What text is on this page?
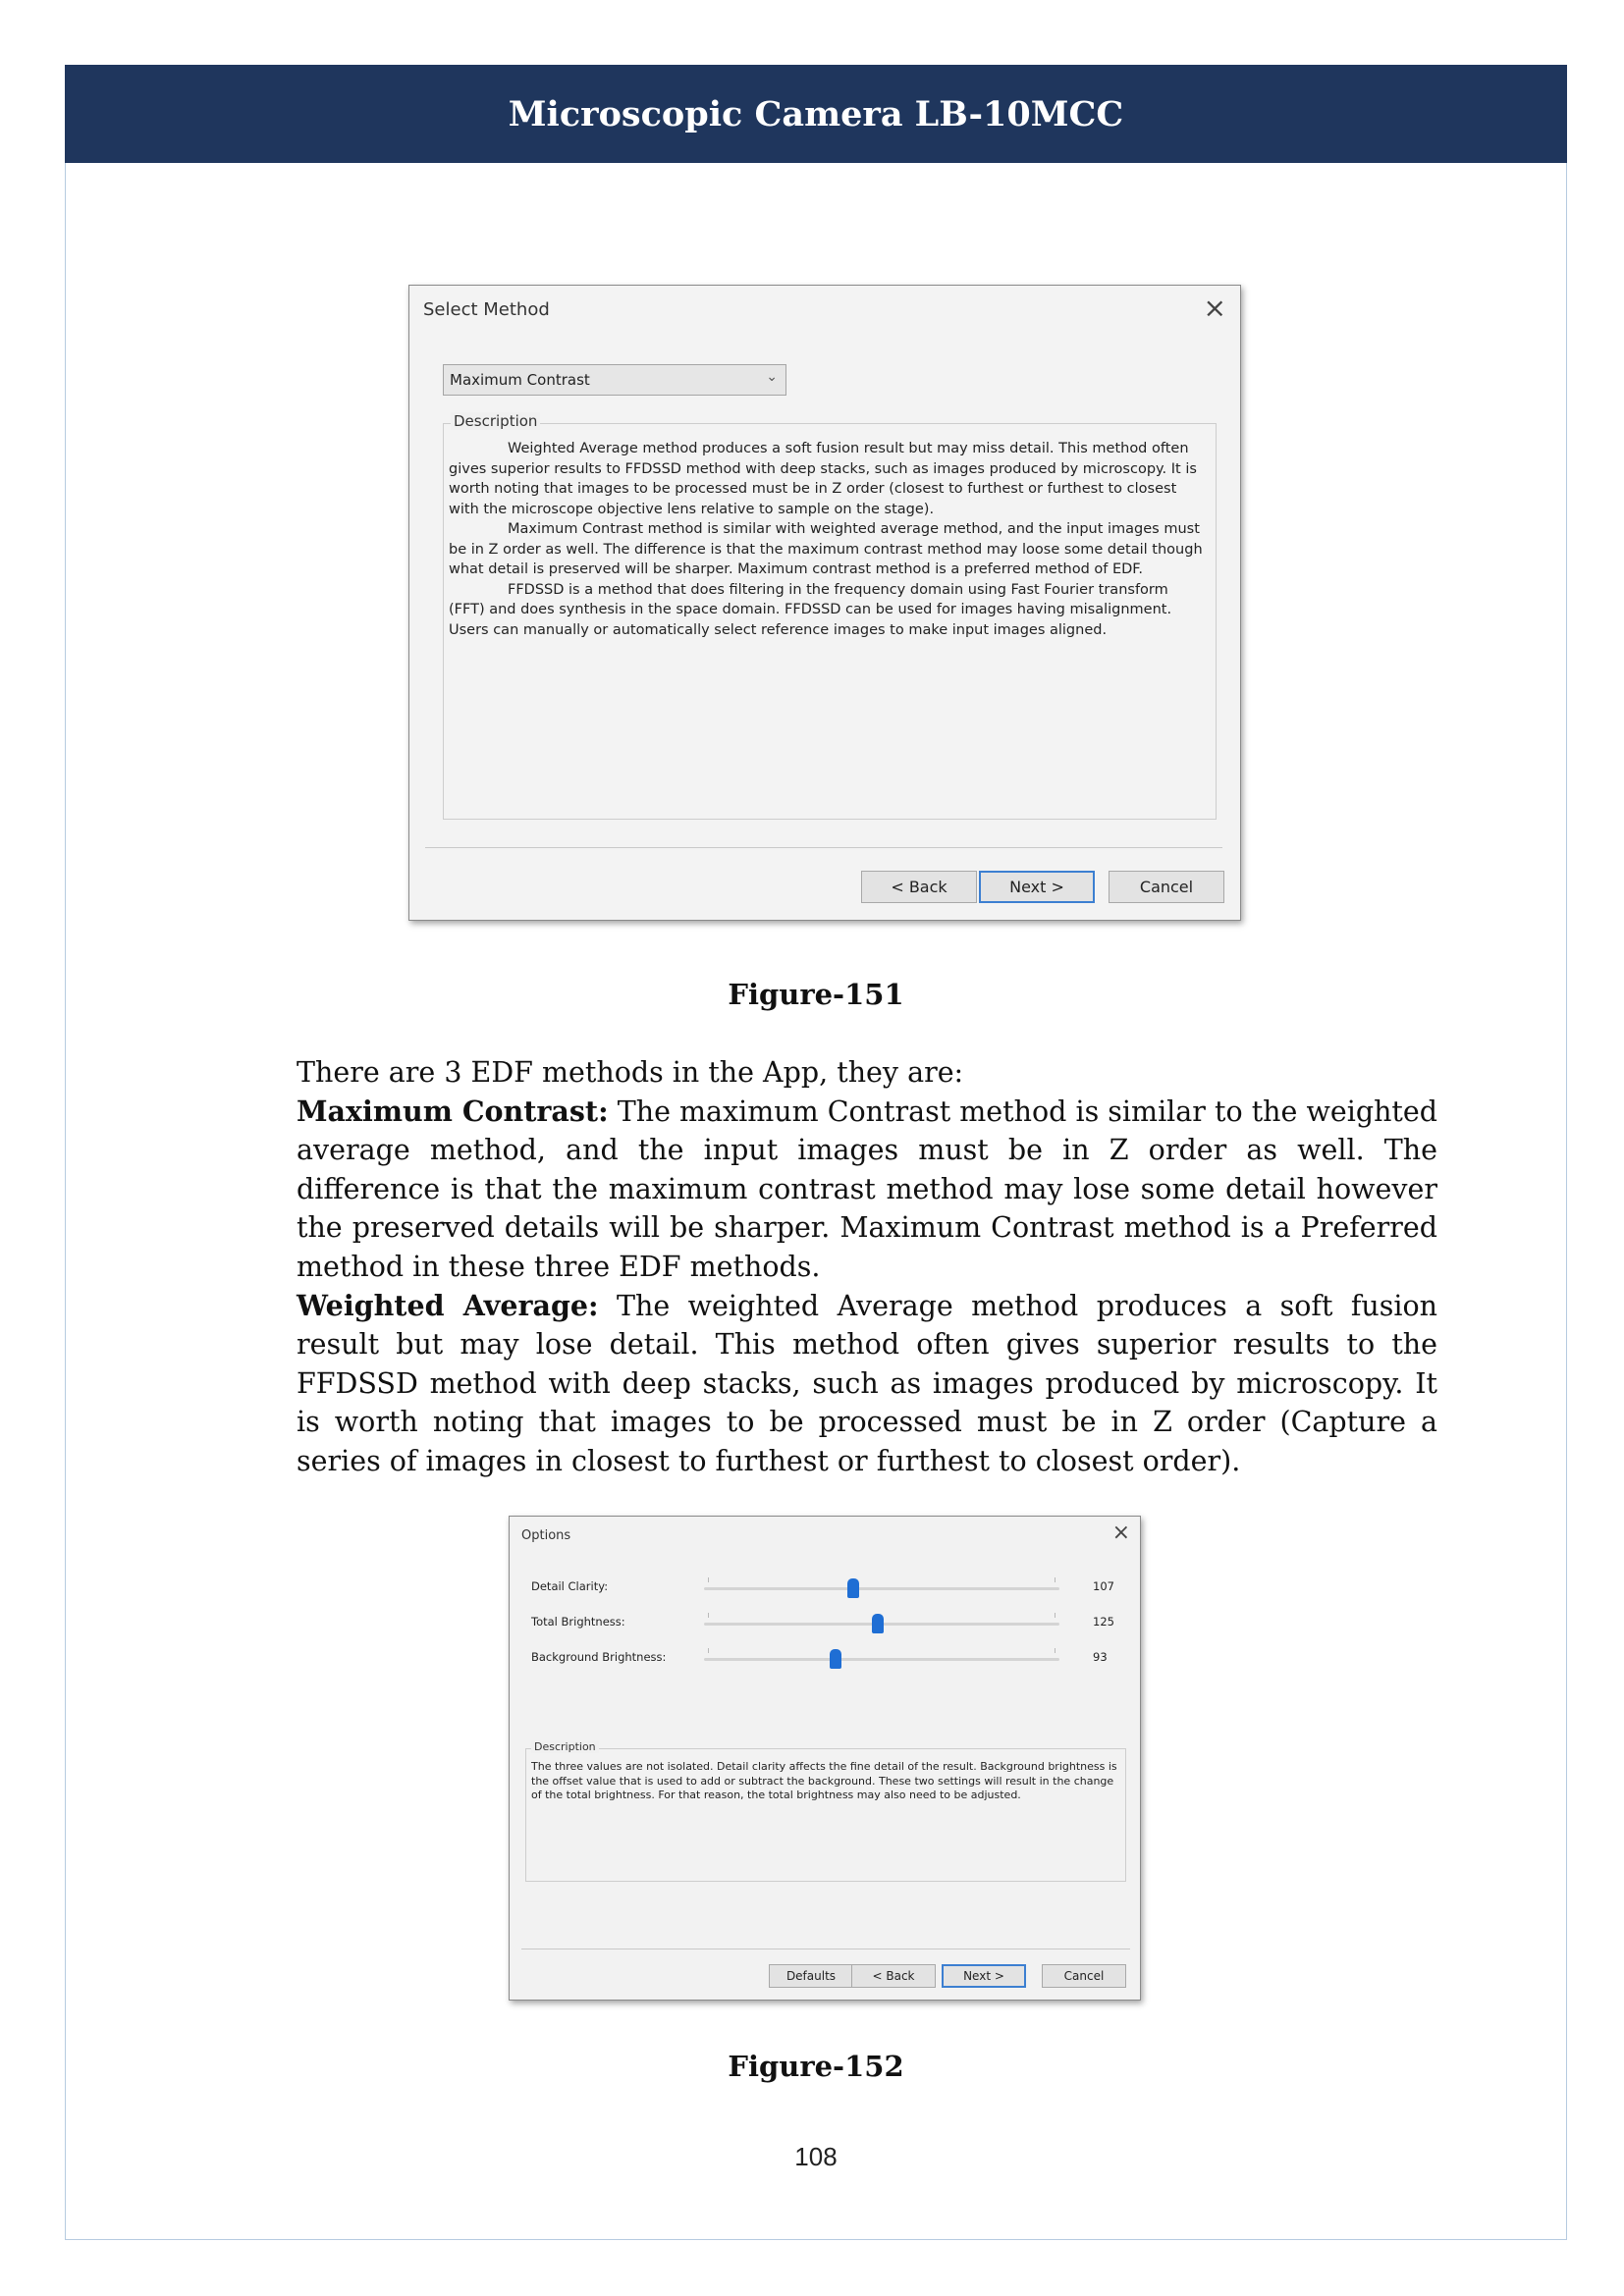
Microscopic Camera LB-10MCC
Select Method	×
Maximum Contrast	⌄
Description

Weighted Average method produces a soft fusion result but may miss detail. This method often gives superior results to FFDSSD method with deep stacks, such as images produced by microscopy. It is worth noting that images to be processed must be in Z order (closest to furthest or furthest to closest with the microscope objective lens relative to sample on the stage).

Maximum Contrast method is similar with weighted average method, and the input images must be in Z order as well. The difference is that the maximum contrast method may loose some detail though what detail is preserved will be sharper. Maximum contrast method is a preferred method of EDF.

FFDSSD is a method that does filtering in the frequency domain using Fast Fourier transform (FFT) and does synthesis in the space domain. FFDSSD can be used for images having misalignment. Users can manually or automatically select reference images to make input images aligned.

< Back	Next >	Cancel
Figure-151

There are 3 EDF methods in the App, they are:

Maximum Contrast: The maximum Contrast method is similar to the weighted average method, and the input images must be in Z order as well. The difference is that the maximum contrast method may lose some detail however the preserved details will be sharper. Maximum Contrast method is a Preferred method in these three EDF methods.

Weighted Average: The weighted Average method produces a soft fusion result but may lose detail. This method often gives superior results to the FFDSSD method with deep stacks, such as images produced by microscopy. It is worth noting that images to be processed must be in Z order (Capture a series of images in closest to furthest or furthest to closest order).

Options	×
Detail Clarity:	107
Total Brightness:	125
Background Brightness:	93
Defaults
Description
The three values are not isolated. Detail clarity affects the fine detail of the result. Background brightness is the offset value that is used to add or subtract the background. These two settings will result in the change of the total brightness. For that reason, the total brightness may also need to be adjusted.
< Back	Next >	Cancel
Figure-152
108
